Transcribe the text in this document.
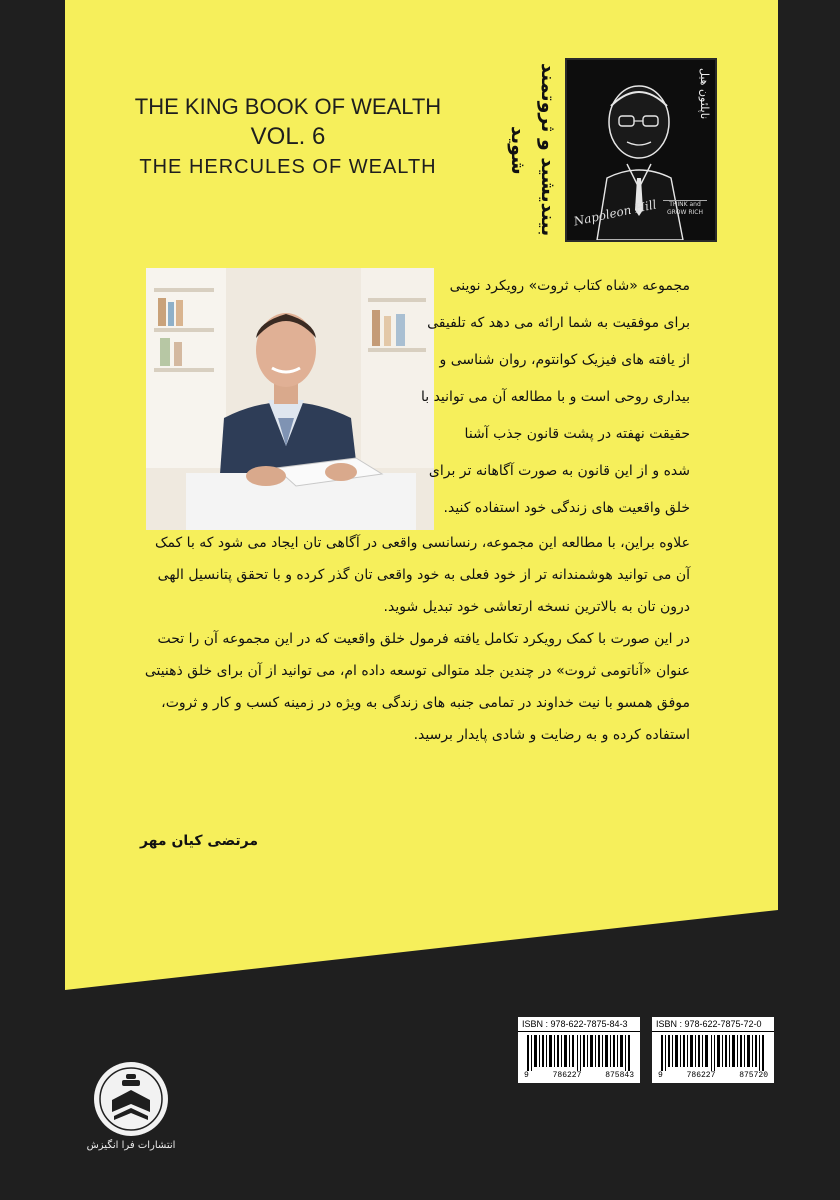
THE KING BOOK OF WEALTH
VOL. 6
THE HERCULES OF WEALTH	بیندیشید و ثروتمند شوید
ناپلئون هیل
Napoleon Hill	THINK and GROW RICH

مجموعه «شاه کتاب ثروت» رویکرد نوینی
برای موفقیت به شما ارائه می دهد که تلفیقی
از یافته های فیزیک کوانتوم، روان شناسی و
بیداری روحی است و با مطالعه آن می توانید با
حقیقت نهفته در پشت قانون جذب آشنا
شده و از این قانون به صورت آگاهانه تر برای
خلق واقعیت های زندگی خود استفاده کنید.

علاوه براین، با مطالعه این مجموعه، رنسانسی واقعی در آگاهی تان ایجاد می شود که با کمک
آن می توانید هوشمندانه تر از خود فعلی به خود واقعی تان گذر کرده و با تحقق پتانسیل الهی
درون تان به بالاترین نسخه ارتعاشی خود تبدیل شوید.

در این صورت با کمک رویکرد تکامل یافته فرمول خلق واقعیت که در این مجموعه آن را تحت
عنوان «آناتومی ثروت» در چندین جلد متوالی توسعه داده ام، می توانید از آن برای خلق ذهنیتی
موفق همسو با نیت خداوند در تمامی جنبه های زندگی به ویژه در زمینه کسب و کار و ثروت،
استفاده کرده و به رضایت و شادی پایدار برسید.

مرتضی کیان مهر
ISBN : 978-622-7875-84-3
9	786227	875843
ISBN : 978-622-7875-72-0
9	786227	875720
انتشارات فرا انگیزش
